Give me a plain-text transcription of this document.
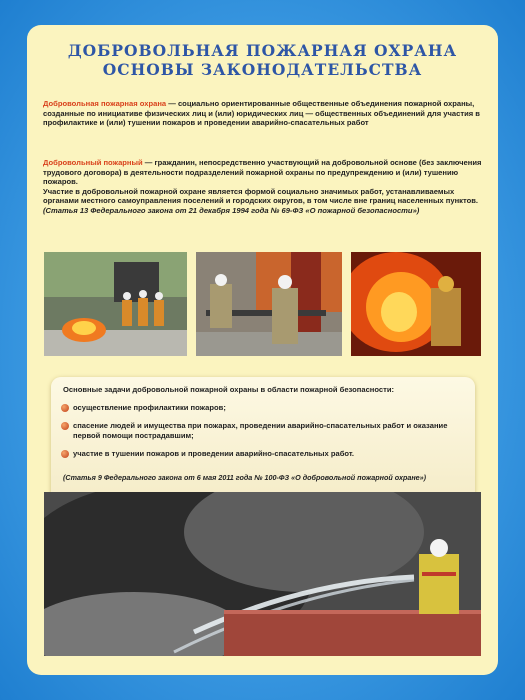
ДОБРОВОЛЬНАЯ ПОЖАРНАЯ ОХРАНА
ОСНОВЫ ЗАКОНОДАТЕЛЬСТВА
Добровольная пожарная охрана — социально ориентированные общественные объединения пожарной охраны, созданные по инициативе физических лиц и (или) юридических лиц — общественных объединений для участия в профилактике и (или) тушении пожаров и проведении аварийно-спасательных работ
Добровольный пожарный — гражданин, непосредственно участвующий на добровольной основе (без заключения трудового договора) в деятельности подразделений пожарной охраны по предупреждению и (или) тушению пожаров.
Участие в добровольной пожарной охране является формой социально значимых работ, устанавливаемых органами местного самоуправления поселений и городских округов, в том числе вне границ населенных пунктов.
(Статья 13 Федерального закона от 21 декабря 1994 года № 69-ФЗ «О пожарной безопасности»)
Основные задачи добровольной пожарной охраны в области пожарной безопасности:
осуществление профилактики пожаров;
спасение людей и имущества при пожарах, проведении аварийно-спасательных работ и оказание первой помощи пострадавшим;
участие в тушении пожаров и проведении аварийно-спасательных работ.
(Статья 9 Федерального закона от 6 мая 2011 года № 100-ФЗ «О добровольной пожарной охране»)
